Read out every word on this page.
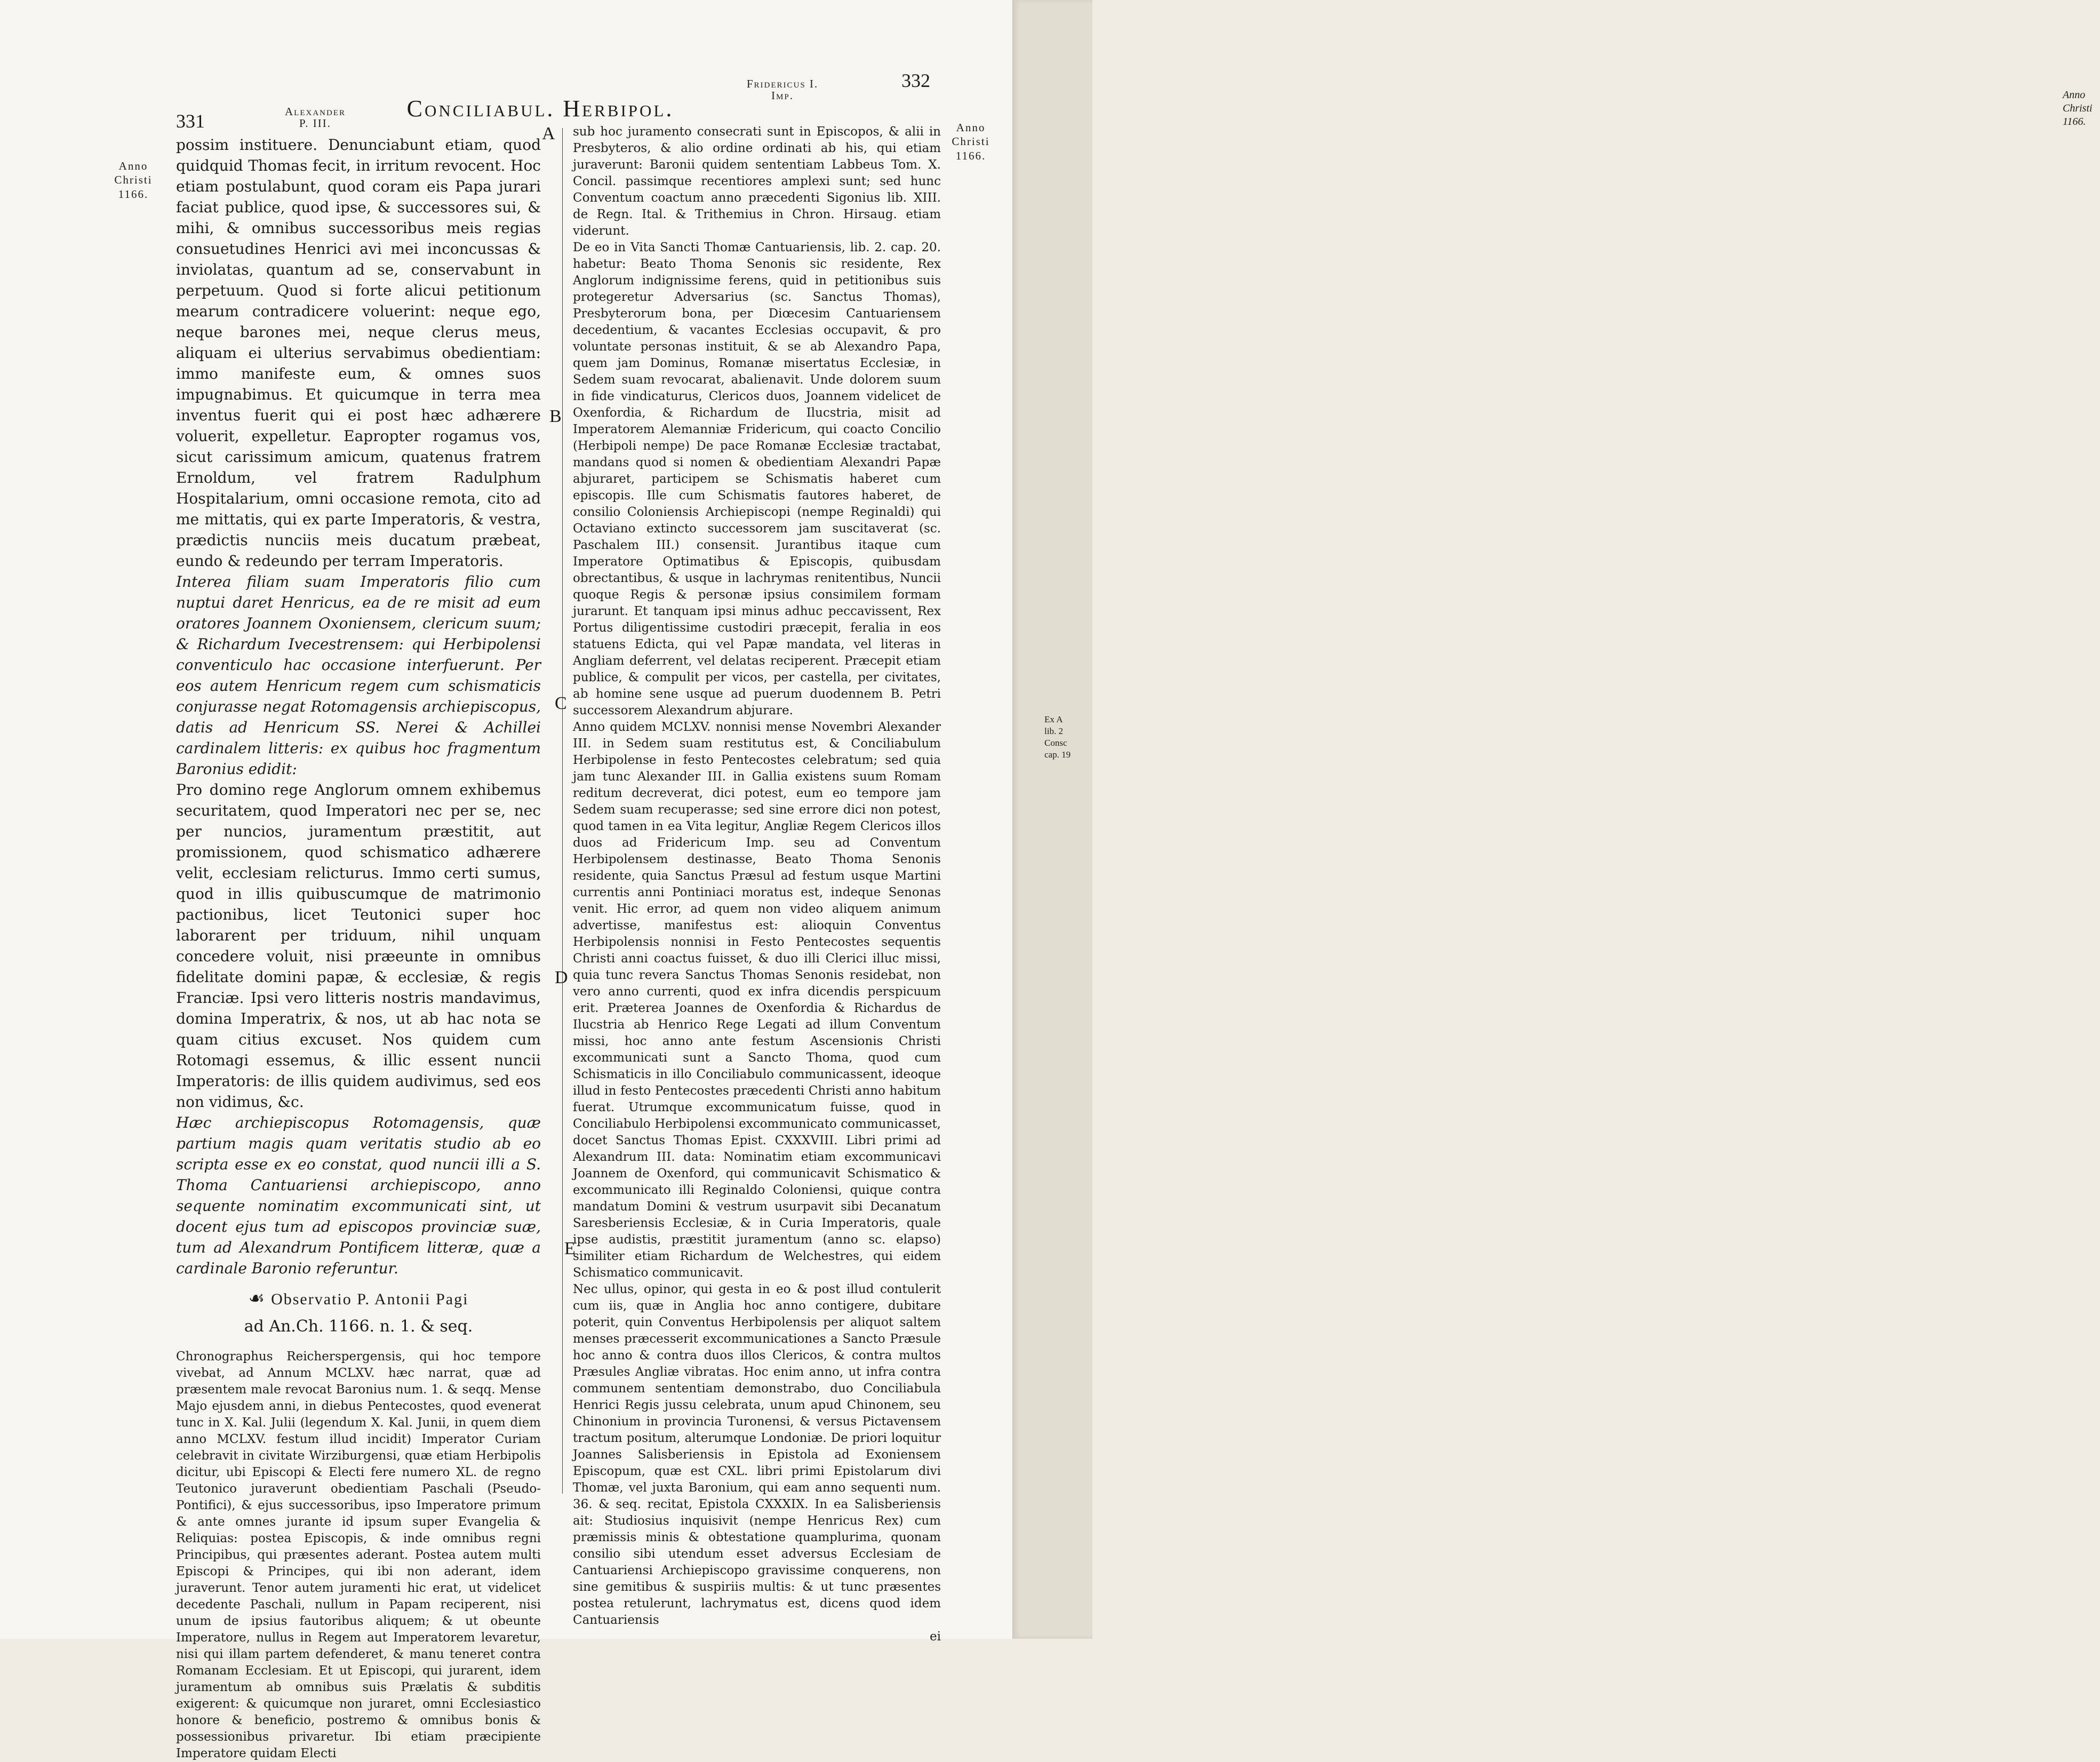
331	Alexander
P. III.
Conciliabul. Herbipol.
Fridericus I.
Imp.
332
Anno
Christi
1166.
Anno
Christi
1166.
A
B
C
D
E

possim instituere. Denunciabunt etiam, quod quidquid Thomas fecit, in irritum revocent. Hoc etiam postulabunt, quod coram eis Papa jurari faciat publice, quod ipse, & successores sui, & mihi, & omnibus successoribus meis regias consuetudines Henrici avi mei inconcussas & inviolatas, quantum ad se, conservabunt in perpetuum. Quod si forte alicui petitionum mearum contradicere voluerint: neque ego, neque barones mei, neque clerus meus, aliquam ei ulterius servabimus obedientiam: immo manifeste eum, & omnes suos impugnabimus. Et quicumque in terra mea inventus fuerit qui ei post hæc adhærere voluerit, expelletur. Eapropter rogamus vos, sicut carissimum amicum, quatenus fratrem Ernoldum, vel fratrem Radulphum Hospitalarium, omni occasione remota, cito ad me mittatis, qui ex parte Imperatoris, & vestra, prædictis nunciis meis ducatum præbeat, eundo & redeundo per terram Imperatoris.

Interea filiam suam Imperatoris filio cum nuptui daret Henricus, ea de re misit ad eum oratores Joannem Oxoniensem, clericum suum; & Richardum Ivecestrensem: qui Herbipolensi conventiculo hac occasione interfuerunt. Per eos autem Henricum regem cum schismaticis conjurasse negat Rotomagensis archiepiscopus, datis ad Henricum SS. Nerei & Achillei cardinalem litteris: ex quibus hoc fragmentum Baronius edidit:

Pro domino rege Anglorum omnem exhibemus securitatem, quod Imperatori nec per se, nec per nuncios, juramentum præstitit, aut promissionem, quod schismatico adhærere velit, ecclesiam relicturus. Immo certi sumus, quod in illis quibuscumque de matrimonio pactionibus, licet Teutonici super hoc laborarent per triduum, nihil unquam concedere voluit, nisi præeunte in omnibus fidelitate domini papæ, & ecclesiæ, & regis Franciæ. Ipsi vero litteris nostris mandavimus, domina Imperatrix, & nos, ut ab hac nota se quam citius excuset. Nos quidem cum Rotomagi essemus, & illic essent nuncii Imperatoris: de illis quidem audivimus, sed eos non vidimus, &c.

Hæc archiepiscopus Rotomagensis, quæ partium magis quam veritatis studio ab eo scripta esse ex eo constat, quod nuncii illi a S. Thoma Cantuariensi archiepiscopo, anno sequente nominatim excommunicati sint, ut docent ejus tum ad episcopos provinciæ suæ, tum ad Alexandrum Pontificem litteræ, quæ a cardinale Baronio referuntur.

☙ Observatio P. Antonii Pagi
ad An.Ch. 1166. n. 1. & seq.

Chronographus Reicherspergensis, qui hoc tempore vivebat, ad Annum MCLXV. hæc narrat, quæ ad præsentem male revocat Baronius num. 1. & seqq. Mense Majo ejusdem anni, in diebus Pentecostes, quod evenerat tunc in X. Kal. Julii (legendum X. Kal. Junii, in quem diem anno MCLXV. festum illud incidit) Imperator Curiam celebravit in civitate Wirziburgensi, quæ etiam Herbipolis dicitur, ubi Episcopi & Electi fere numero XL. de regno Teutonico juraverunt obedientiam Paschali (Pseudo-Pontifici), & ejus successoribus, ipso Imperatore primum & ante omnes jurante id ipsum super Evangelia & Reliquias: postea Episcopis, & inde omnibus regni Principibus, qui præsentes aderant. Postea autem multi Episcopi & Principes, qui ibi non aderant, idem juraverunt. Tenor autem juramenti hic erat, ut videlicet decedente Paschali, nullum in Papam reciperent, nisi unum de ipsius fautoribus aliquem; & ut obeunte Imperatore, nullus in Regem aut Imperatorem levaretur, nisi qui illam partem defenderet, & manu teneret contra Romanam Ecclesiam. Et ut Episcopi, qui jurarent, idem juramentum ab omnibus suis Prælatis & subditis exigerent: & quicumque non juraret, omni Ecclesiastico honore & beneficio, postremo & omnibus bonis & possessionibus privaretur. Ibi etiam præcipiente Imperatore quidam Electi

sub hoc juramento consecrati sunt in Episcopos, & alii in Presbyteros, & alio ordine ordinati ab his, qui etiam juraverunt: Baronii quidem sententiam Labbeus Tom. X. Concil. passimque recentiores amplexi sunt; sed hunc Conventum coactum anno præcedenti Sigonius lib. XIII. de Regn. Ital. & Trithemius in Chron. Hirsaug. etiam viderunt.

De eo in Vita Sancti Thomæ Cantuariensis, lib. 2. cap. 20. habetur: Beato Thoma Senonis sic residente, Rex Anglorum indignissime ferens, quid in petitionibus suis protegeretur Adversarius (sc. Sanctus Thomas), Presbyterorum bona, per Diœcesim Cantuariensem decedentium, & vacantes Ecclesias occupavit, & pro voluntate personas instituit, & se ab Alexandro Papa, quem jam Dominus, Romanæ misertatus Ecclesiæ, in Sedem suam revocarat, abalienavit. Unde dolorem suum in fide vindicaturus, Clericos duos, Joannem videlicet de Oxenfordia, & Richardum de Ilucstria, misit ad Imperatorem Alemanniæ Fridericum, qui coacto Concilio (Herbipoli nempe) De pace Romanæ Ecclesiæ tractabat, mandans quod si nomen & obedientiam Alexandri Papæ abjuraret, participem se Schismatis haberet cum episcopis. Ille cum Schismatis fautores haberet, de consilio Coloniensis Archiepiscopi (nempe Reginaldi) qui Octaviano extincto successorem jam suscitaverat (sc. Paschalem III.) consensit. Jurantibus itaque cum Imperatore Optimatibus & Episcopis, quibusdam obrectantibus, & usque in lachrymas renitentibus, Nuncii quoque Regis & personæ ipsius consimilem formam jurarunt. Et tanquam ipsi minus adhuc peccavissent, Rex Portus diligentissime custodiri præcepit, feralia in eos statuens Edicta, qui vel Papæ mandata, vel literas in Angliam deferrent, vel delatas reciperent. Præcepit etiam publice, & compulit per vicos, per castella, per civitates, ab homine sene usque ad puerum duodennem B. Petri successorem Alexandrum abjurare.

Anno quidem MCLXV. nonnisi mense Novembri Alexander III. in Sedem suam restitutus est, & Conciliabulum Herbipolense in festo Pentecostes celebratum; sed quia jam tunc Alexander III. in Gallia existens suum Romam reditum decreverat, dici potest, eum eo tempore jam Sedem suam recuperasse; sed sine errore dici non potest, quod tamen in ea Vita legitur, Angliæ Regem Clericos illos duos ad Fridericum Imp. seu ad Conventum Herbipolensem destinasse, Beato Thoma Senonis residente, quia Sanctus Præsul ad festum usque Martini currentis anni Pontiniaci moratus est, indeque Senonas venit. Hic error, ad quem non video aliquem animum advertisse, manifestus est: alioquin Conventus Herbipolensis nonnisi in Festo Pentecostes sequentis Christi anni coactus fuisset, & duo illi Clerici illuc missi, quia tunc revera Sanctus Thomas Senonis residebat, non vero anno currenti, quod ex infra dicendis perspicuum erit. Præterea Joannes de Oxenfordia & Richardus de Ilucstria ab Henrico Rege Legati ad illum Conventum missi, hoc anno ante festum Ascensionis Christi excommunicati sunt a Sancto Thoma, quod cum Schismaticis in illo Conciliabulo communicassent, ideoque illud in festo Pentecostes præcedenti Christi anno habitum fuerat. Utrumque excommunicatum fuisse, quod in Conciliabulo Herbipolensi excommunicato communicasset, docet Sanctus Thomas Epist. CXXXVIII. Libri primi ad Alexandrum III. data: Nominatim etiam excommunicavi Joannem de Oxenford, qui communicavit Schismatico & excommunicato illi Reginaldo Coloniensi, quique contra mandatum Domini & vestrum usurpavit sibi Decanatum Saresberiensis Ecclesiæ, & in Curia Imperatoris, quale ipse audistis, præstitit juramentum (anno sc. elapso) similiter etiam Richardum de Welchestres, qui eidem Schismatico communicavit.

Nec ullus, opinor, qui gesta in eo & post illud contulerit cum iis, quæ in Anglia hoc anno contigere, dubitare poterit, quin Conventus Herbipolensis per aliquot saltem menses præcesserit excommunicationes a Sancto Præsule hoc anno & contra duos illos Clericos, & contra multos Præsules Angliæ vibratas. Hoc enim anno, ut infra contra communem sententiam demonstrabo, duo Conciliabula Henrici Regis jussu celebrata, unum apud Chinonem, seu Chinonium in provincia Turonensi, & versus Pictavensem tractum positum, alterumque Londoniæ. De priori loquitur Joannes Salisberiensis in Epistola ad Exoniensem Episcopum, quæ est CXL. libri primi Epistolarum divi Thomæ, vel juxta Baronium, qui eam anno sequenti num. 36. & seq. recitat, Epistola CXXXIX. In ea Salisberiensis ait: Studiosius inquisivit (nempe Henricus Rex) cum præmissis minis & obtestatione quamplurima, quonam consilio sibi utendum esset adversus Ecclesiam de Cantuariensi Archiepiscopo gravissime conquerens, non sine gemitibus & suspiriis multis: & ut tunc præsentes postea retulerunt, lachrymatus est, dicens quod idem Cantuariensis

ei

Anno
Christi
1166.
Ex A
lib. 2
Consc
cap. 19
